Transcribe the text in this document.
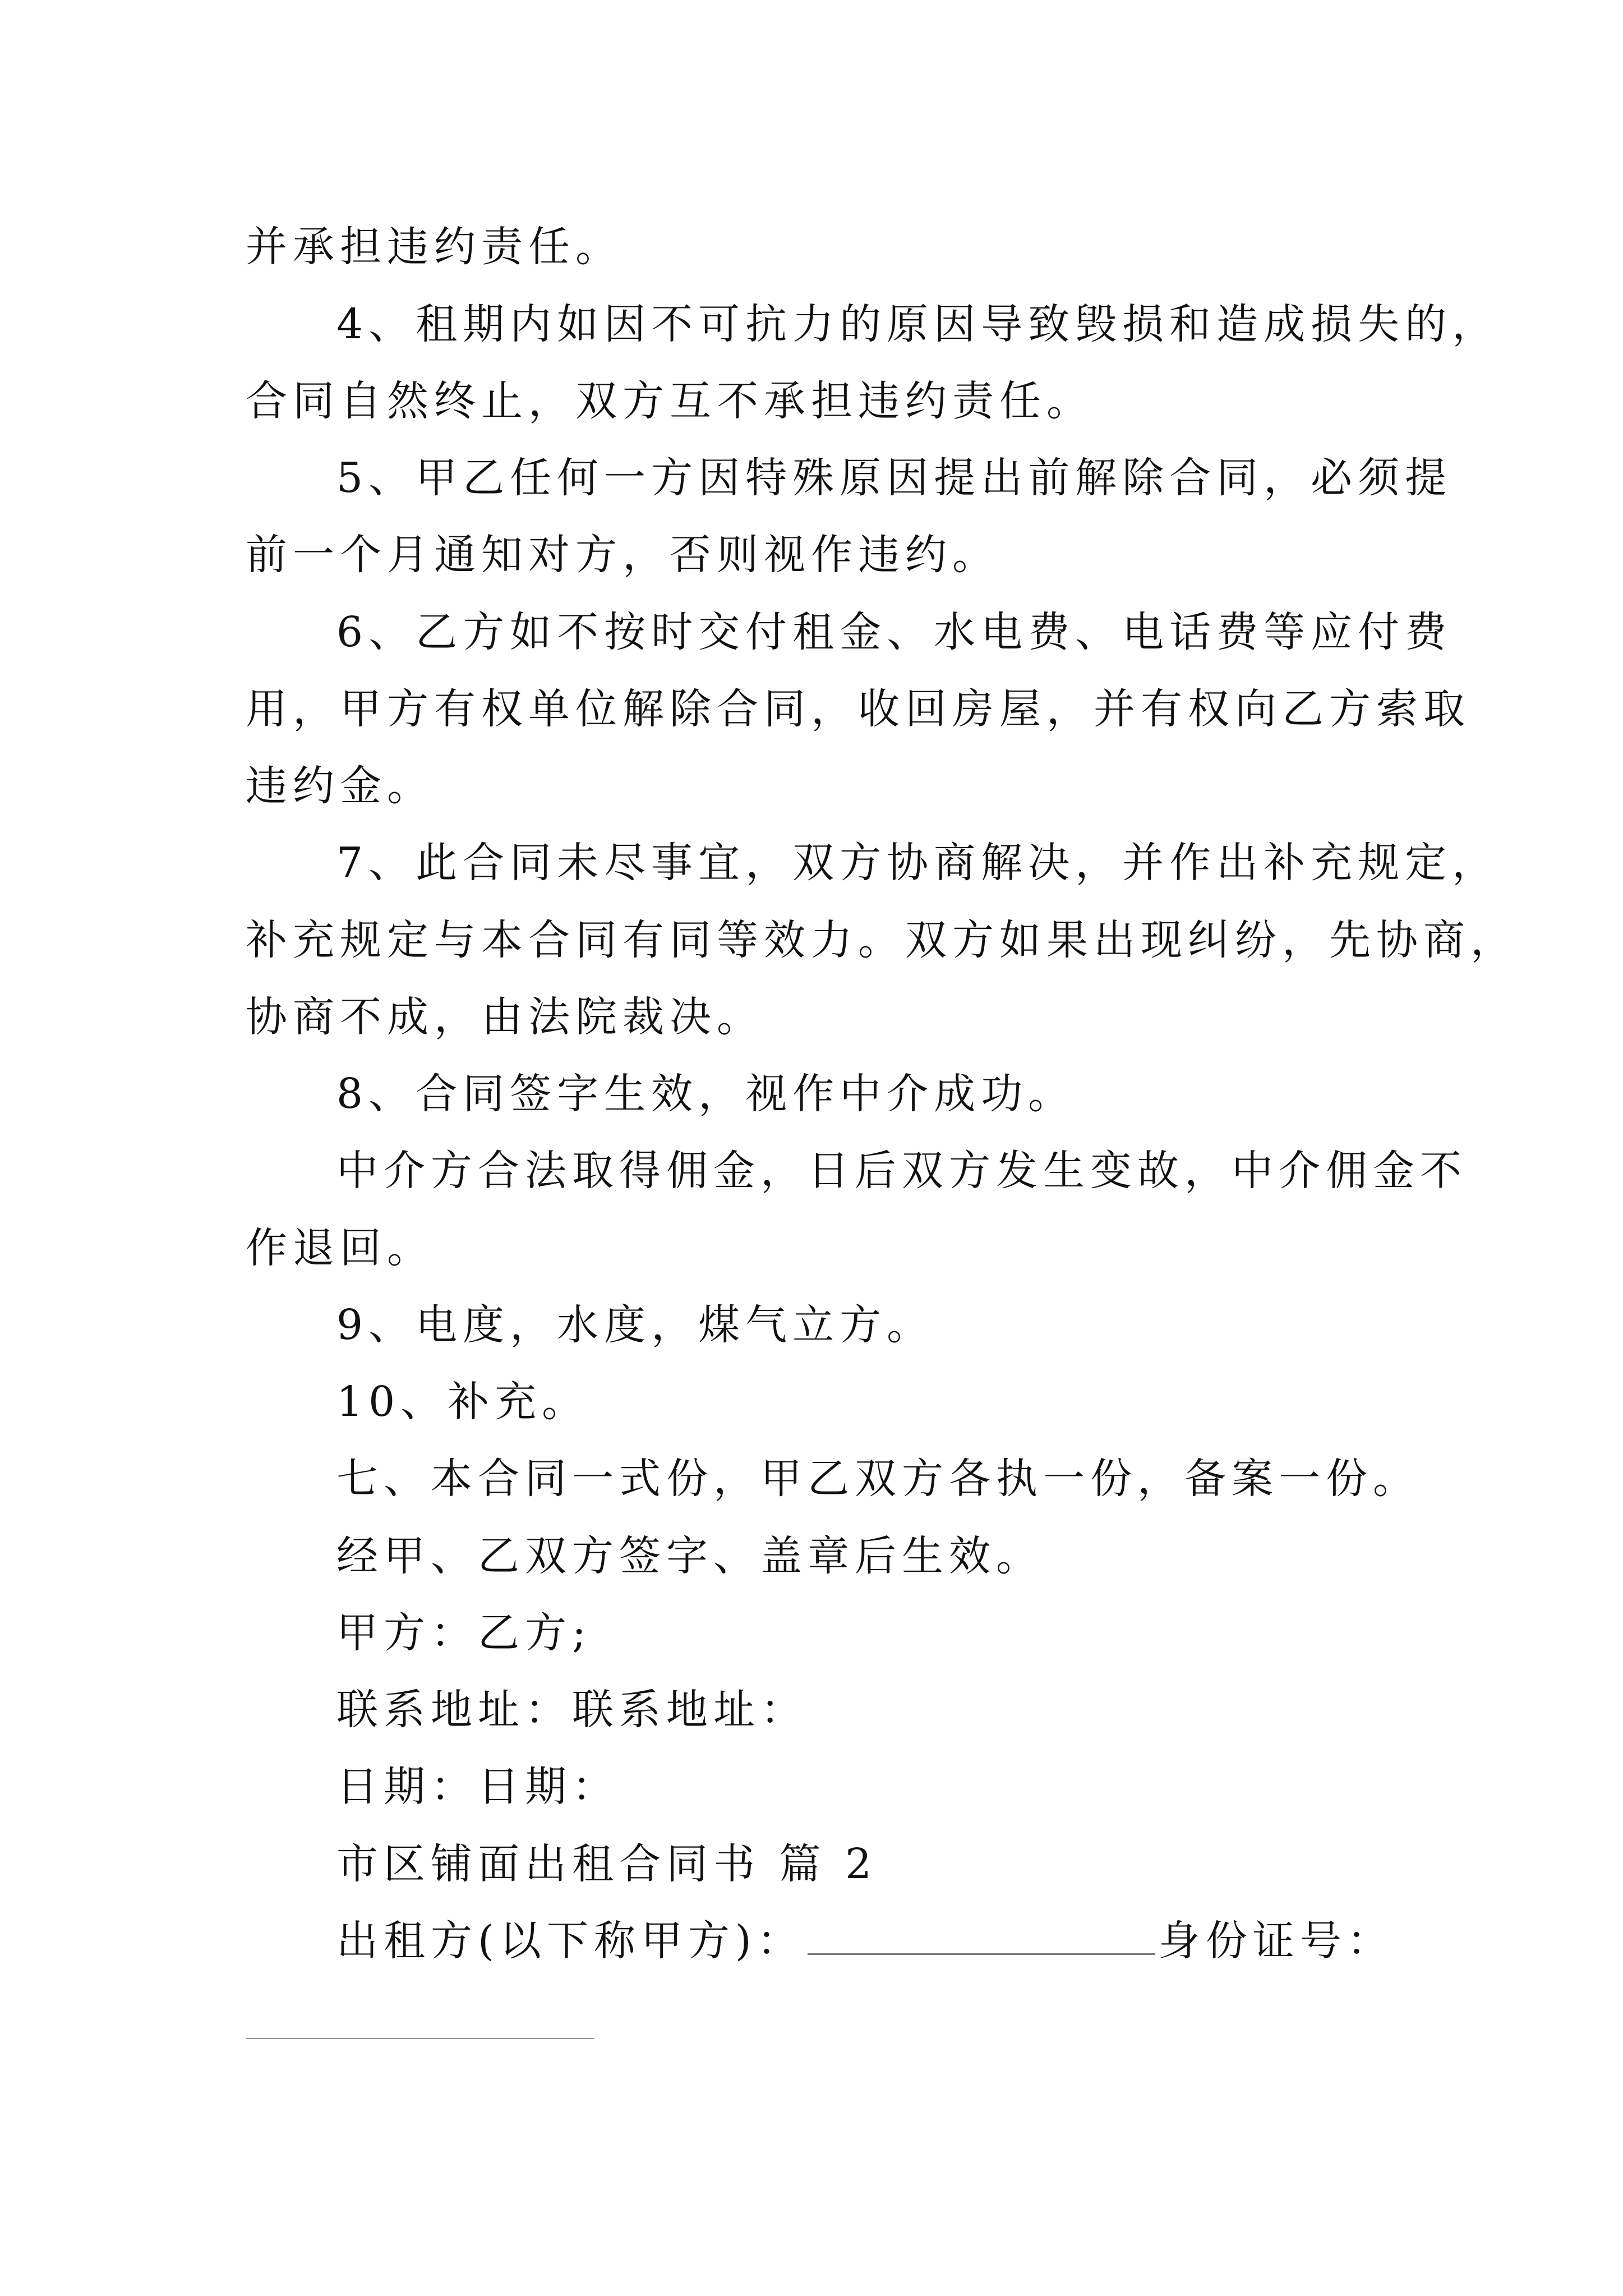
并承担违约责任。
4、租期内如因不可抗力的原因导致毁损和造成损失的，
合同自然终止，双方互不承担违约责任。
5、甲乙任何一方因特殊原因提出前解除合同，必须提
前一个月通知对方，否则视作违约。
6、乙方如不按时交付租金、水电费、电话费等应付费
用，甲方有权单位解除合同，收回房屋，并有权向乙方索取
违约金。
7、此合同未尽事宜，双方协商解决，并作出补充规定，
补充规定与本合同有同等效力。双方如果出现纠纷，先协商，
协商不成，由法院裁决。
8、合同签字生效，视作中介成功。
中介方合法取得佣金，日后双方发生变故，中介佣金不
作退回。
9、电度，水度，煤气立方。
10、补充。
七、本合同一式份，甲乙双方各执一份，备案一份。
经甲、乙双方签字、盖章后生效。
甲方：乙方;
联系地址：联系地址：
日期：日期：
市区铺面出租合同书 篇 2
出租方(以下称甲方)：	身份证号：
